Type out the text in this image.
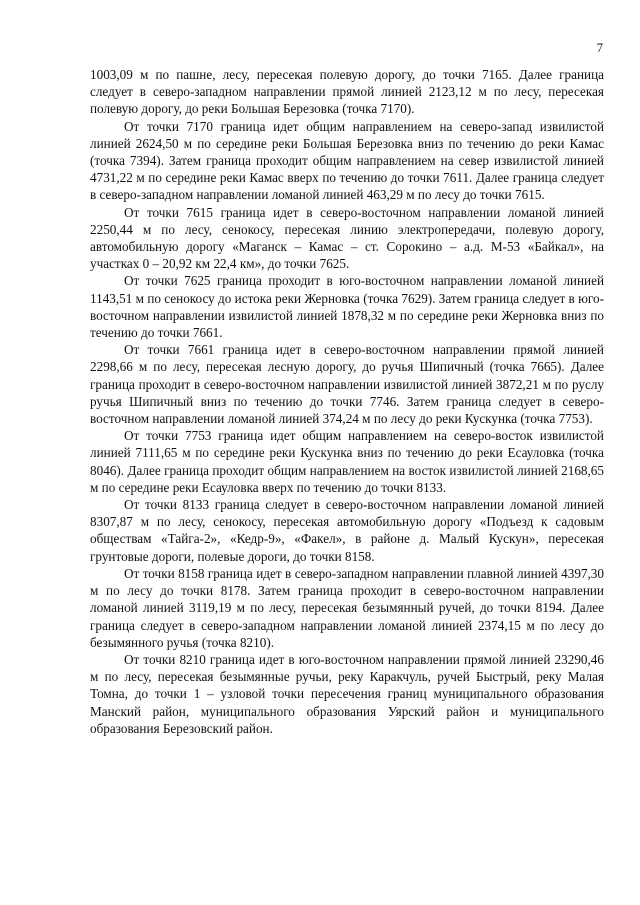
7

1003,09 м по пашне, лесу, пересекая полевую дорогу, до точки 7165. Далее граница следует в северо-западном направлении прямой линией 2123,12 м по лесу, пересекая полевую дорогу, до реки Большая Березовка (точка 7170).

От точки 7170 граница идет общим направлением на северо-запад извилистой линией 2624,50 м по середине реки Большая Березовка вниз по течению до реки Камас (точка 7394). Затем граница проходит общим направлением на север извилистой линией 4731,22 м по середине реки Камас вверх по течению до точки 7611. Далее граница следует в северо-западном направлении ломаной линией 463,29 м по лесу до точки 7615.

От точки 7615 граница идет в северо-восточном направлении ломаной линией 2250,44 м по лесу, сенокосу, пересекая линию электропередачи, полевую дорогу, автомобильную дорогу «Маганск – Камас – ст. Сорокино – а.д. М-53 «Байкал», на участках 0 – 20,92 км 22,4 км», до точки 7625.

От точки 7625 граница проходит в юго-восточном направлении ломаной линией 1143,51 м по сенокосу до истока реки Жерновка (точка 7629). Затем граница следует в юго-восточном направлении извилистой линией 1878,32 м по середине реки Жерновка вниз по течению до точки 7661.

От точки 7661 граница идет в северо-восточном направлении прямой линией 2298,66 м по лесу, пересекая лесную дорогу, до ручья Шипичный (точка 7665). Далее граница проходит в северо-восточном направлении извилистой линией 3872,21 м по руслу ручья Шипичный вниз по течению до точки 7746. Затем граница следует в северо-восточном направлении ломаной линией 374,24 м по лесу до реки Кускунка (точка 7753).

От точки 7753 граница идет общим направлением на северо-восток извилистой линией 7111,65 м по середине реки Кускунка вниз по течению до реки Есауловка (точка 8046). Далее граница проходит общим направлением на восток извилистой линией 2168,65 м по середине реки Есауловка вверх по течению до точки 8133.

От точки 8133 граница следует в северо-восточном направлении ломаной линией 8307,87 м по лесу, сенокосу, пересекая автомобильную дорогу «Подъезд к садовым обществам «Тайга-2», «Кедр-9», «Факел», в районе д. Малый Кускун», пересекая грунтовые дороги, полевые дороги, до точки 8158.

От точки 8158 граница идет в северо-западном направлении плавной линией 4397,30 м по лесу до точки 8178. Затем граница проходит в северо-восточном направлении ломаной линией 3119,19 м по лесу, пересекая безымянный ручей, до точки 8194. Далее граница следует в северо-западном направлении ломаной линией 2374,15 м по лесу до безымянного ручья (точка 8210).

От точки 8210 граница идет в юго-восточном направлении прямой линией 23290,46 м по лесу, пересекая безымянные ручьи, реку Каракчуль, ручей Быстрый, реку Малая Томна, до точки 1 – узловой точки пересечения границ муниципального образования Манский район, муниципального образования Уярский район и муниципального образования Березовский район.
